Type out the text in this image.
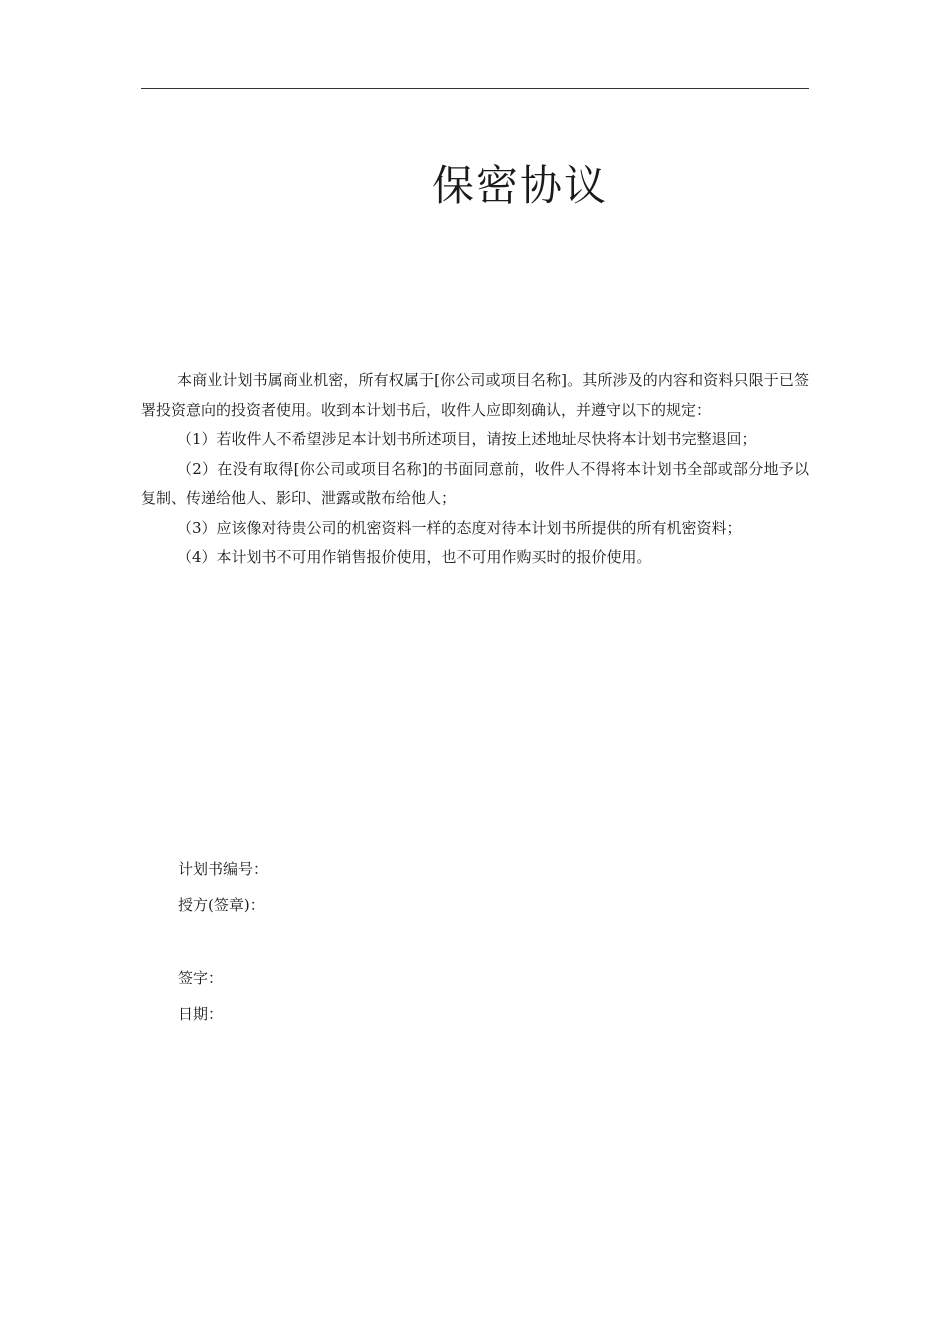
保密协议

本商业计划书属商业机密，所有权属于[你公司或项目名称]。其所涉及的内容和资料只限于已签署投资意向的投资者使用。收到本计划书后，收件人应即刻确认，并遵守以下的规定：

（1）若收件人不希望涉足本计划书所述项目，请按上述地址尽快将本计划书完整退回；

（2）在没有取得[你公司或项目名称]的书面同意前，收件人不得将本计划书全部或部分地予以复制、传递给他人、影印、泄露或散布给他人；

（3）应该像对待贵公司的机密资料一样的态度对待本计划书所提供的所有机密资料；

（4）本计划书不可用作销售报价使用，也不可用作购买时的报价使用。

计划书编号：
授方(签章)：
签字：
日期：
